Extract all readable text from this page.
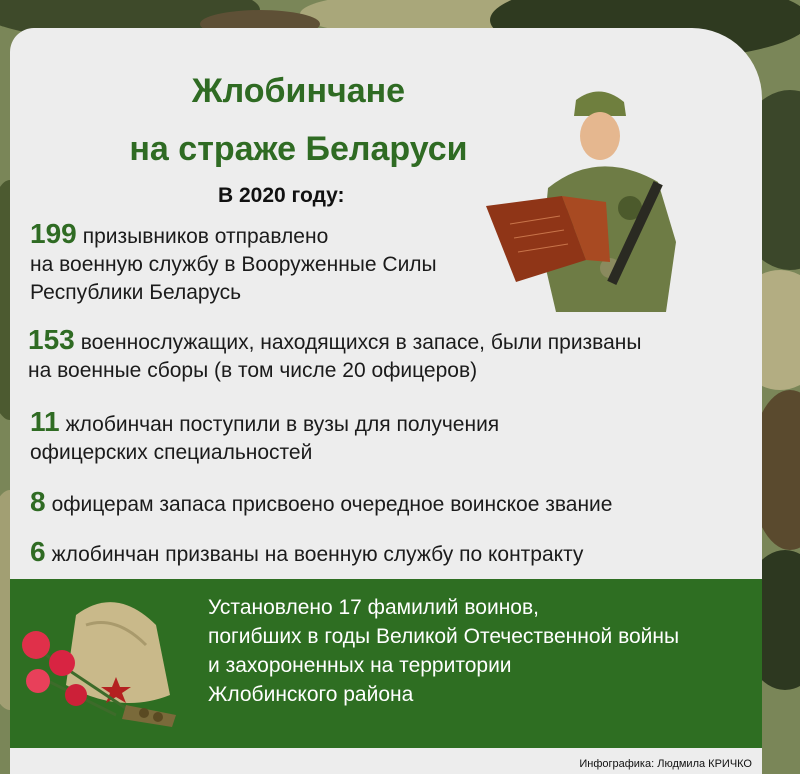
Жлобинчане
на страже Беларуси
В 2020 году:
199 призывников отправлено
на военную службу в Вооруженные Силы
Республики Беларусь
153 военнослужащих, находящихся в запасе, были призваны
на военные сборы (в том числе 20 офицеров)
11 жлобинчан поступили в вузы для получения
офицерских специальностей
8 офицерам запаса присвоено очередное воинское звание
6 жлобинчан призваны на военную службу по контракту
Установлено 17 фамилий воинов,
погибших в годы Великой Отечественной войны
и захороненных на территории
Жлобинского района
Инфографика: Людмила КРИЧКО
